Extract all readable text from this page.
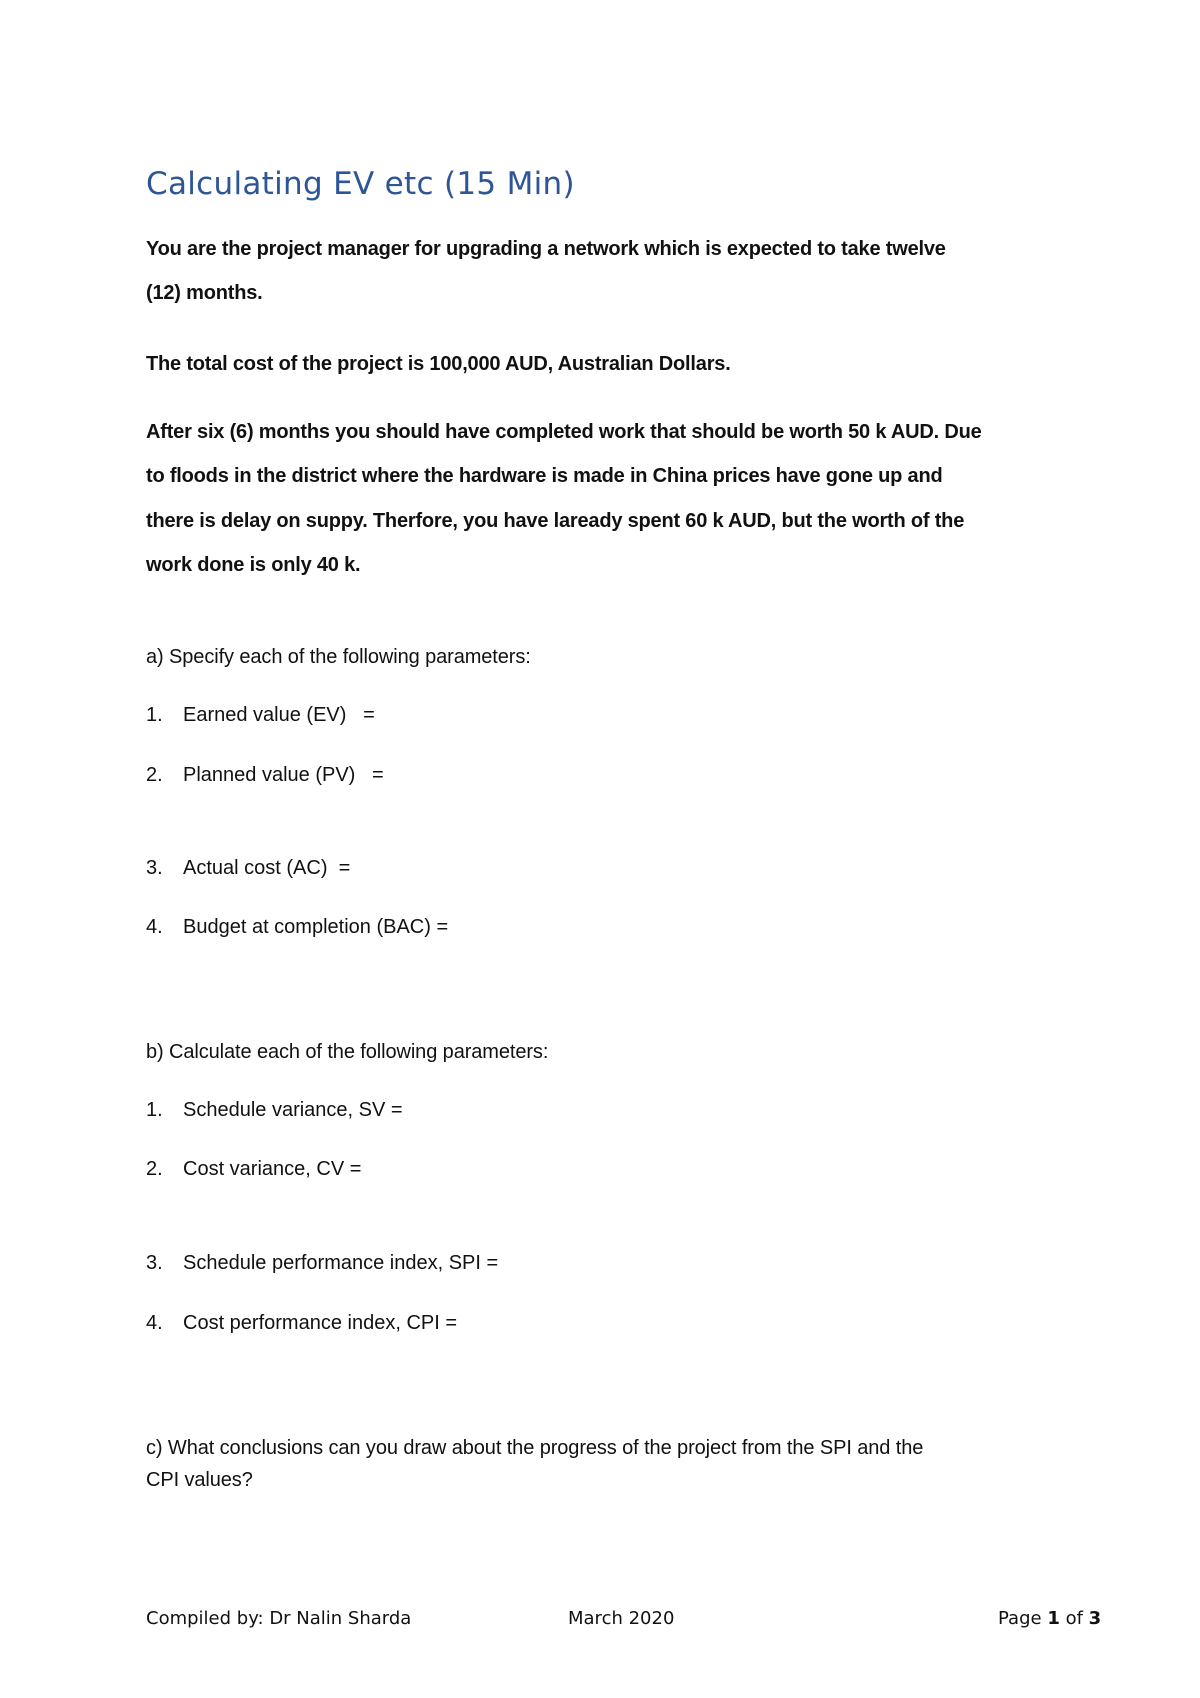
Calculating EV etc (15 Min)

You are the project manager for upgrading a network which is expected to take twelve

(12) months.

The total cost of the project is 100,000 AUD, Australian Dollars.

After six (6) months you should have completed work that should be worth 50 k AUD. Due

to floods in the district where the hardware is made in China prices have gone up and

there is delay on suppy. Therfore, you have laready spent 60 k AUD, but the worth of the

work done is only 40 k.

a) Specify each of the following parameters:

1. Earned value (EV)   =
2. Planned value (PV)   =
3. Actual cost (AC)  =
4. Budget at completion (BAC) =

b) Calculate each of the following parameters:

1. Schedule variance, SV =
2. Cost variance, CV =
3. Schedule performance index, SPI =
4. Cost performance index, CPI =

c) What conclusions can you draw about the progress of the project from the SPI and the

CPI values?

Compiled by: Dr Nalin Sharda	March 2020	Page 1 of 3
